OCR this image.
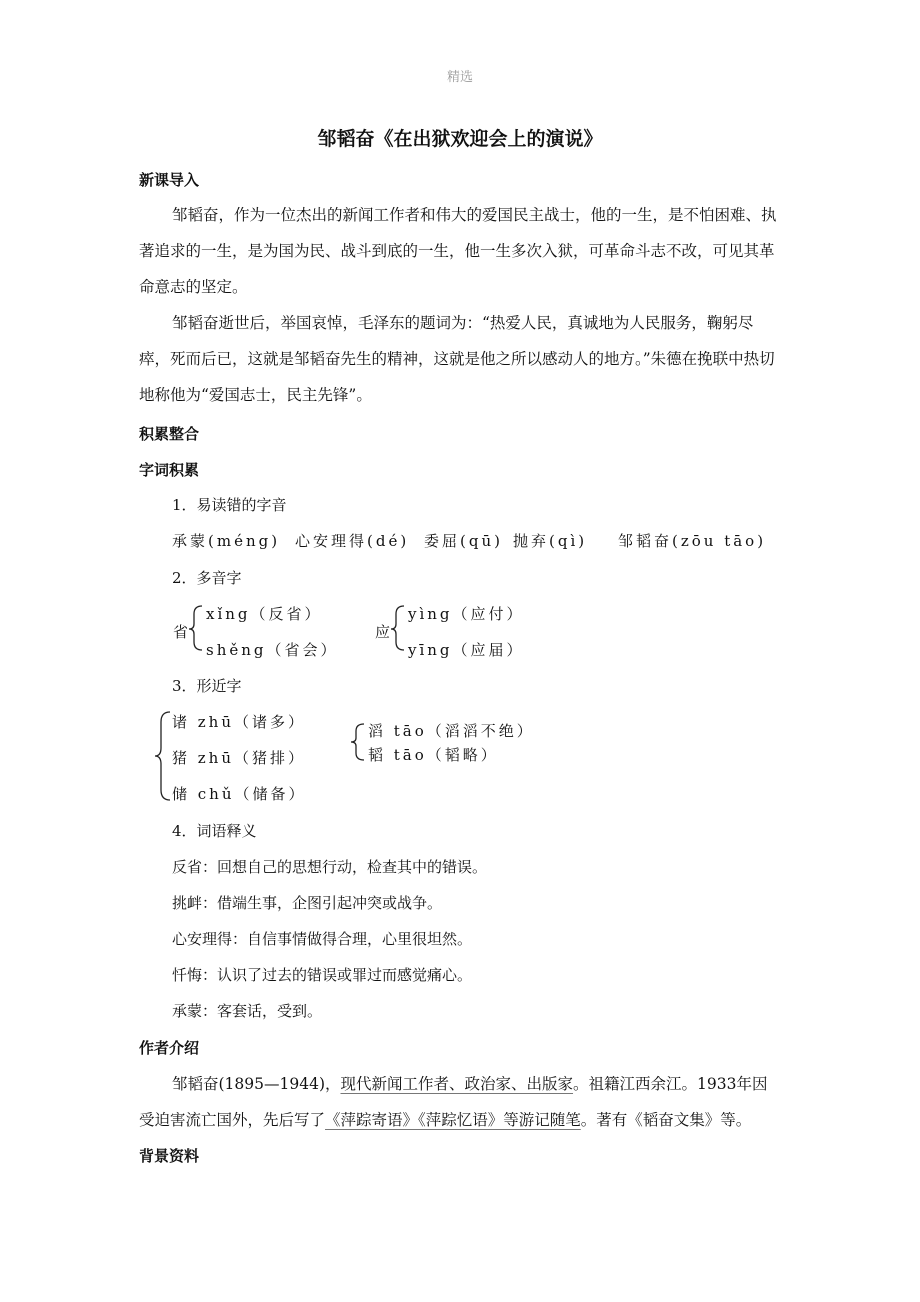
精选
邹韬奋《在出狱欢迎会上的演说》
新课导入
邹韬奋，作为一位杰出的新闻工作者和伟大的爱国民主战士，他的一生，是不怕困难、执著追求的一生，是为国为民、战斗到底的一生，他一生多次入狱，可革命斗志不改，可见其革命意志的坚定。
邹韬奋逝世后，举国哀悼，毛泽东的题词为：“热爱人民，真诚地为人民服务，鞠躬尽瘁，死而后已，这就是邹韬奋先生的精神，这就是他之所以感动人的地方。”朱德在挽联中热切地称他为“爱国志士，民主先锋”。
积累整合
字词积累
1．易读错的字音
承蒙(méng) 心安理得(dé) 委屈(qū) 抛弃(qì) 邹韬奋(zōu tāo)
2．多音字
省
xǐng（反省）
shěng（省会）
应
yìng（应付）
yīng（应届）
3．形近字
诸 zhū（诸多）
猪 zhū（猪排）
储 chǔ（储备）
滔 tāo（滔滔不绝）
韬 tāo（韬略）
4．词语释义
反省：回想自己的思想行动，检查其中的错误。
挑衅：借端生事，企图引起冲突或战争。
心安理得：自信事情做得合理，心里很坦然。
忏悔：认识了过去的错误或罪过而感觉痛心。
承蒙：客套话，受到。
作者介绍
邹韬奋(1895—1944)，现代新闻工作者、政治家、出版家。祖籍江西余江。1933年因受迫害流亡国外，先后写了《萍踪寄语》《萍踪忆语》等游记随笔。著有《韬奋文集》等。
背景资料
